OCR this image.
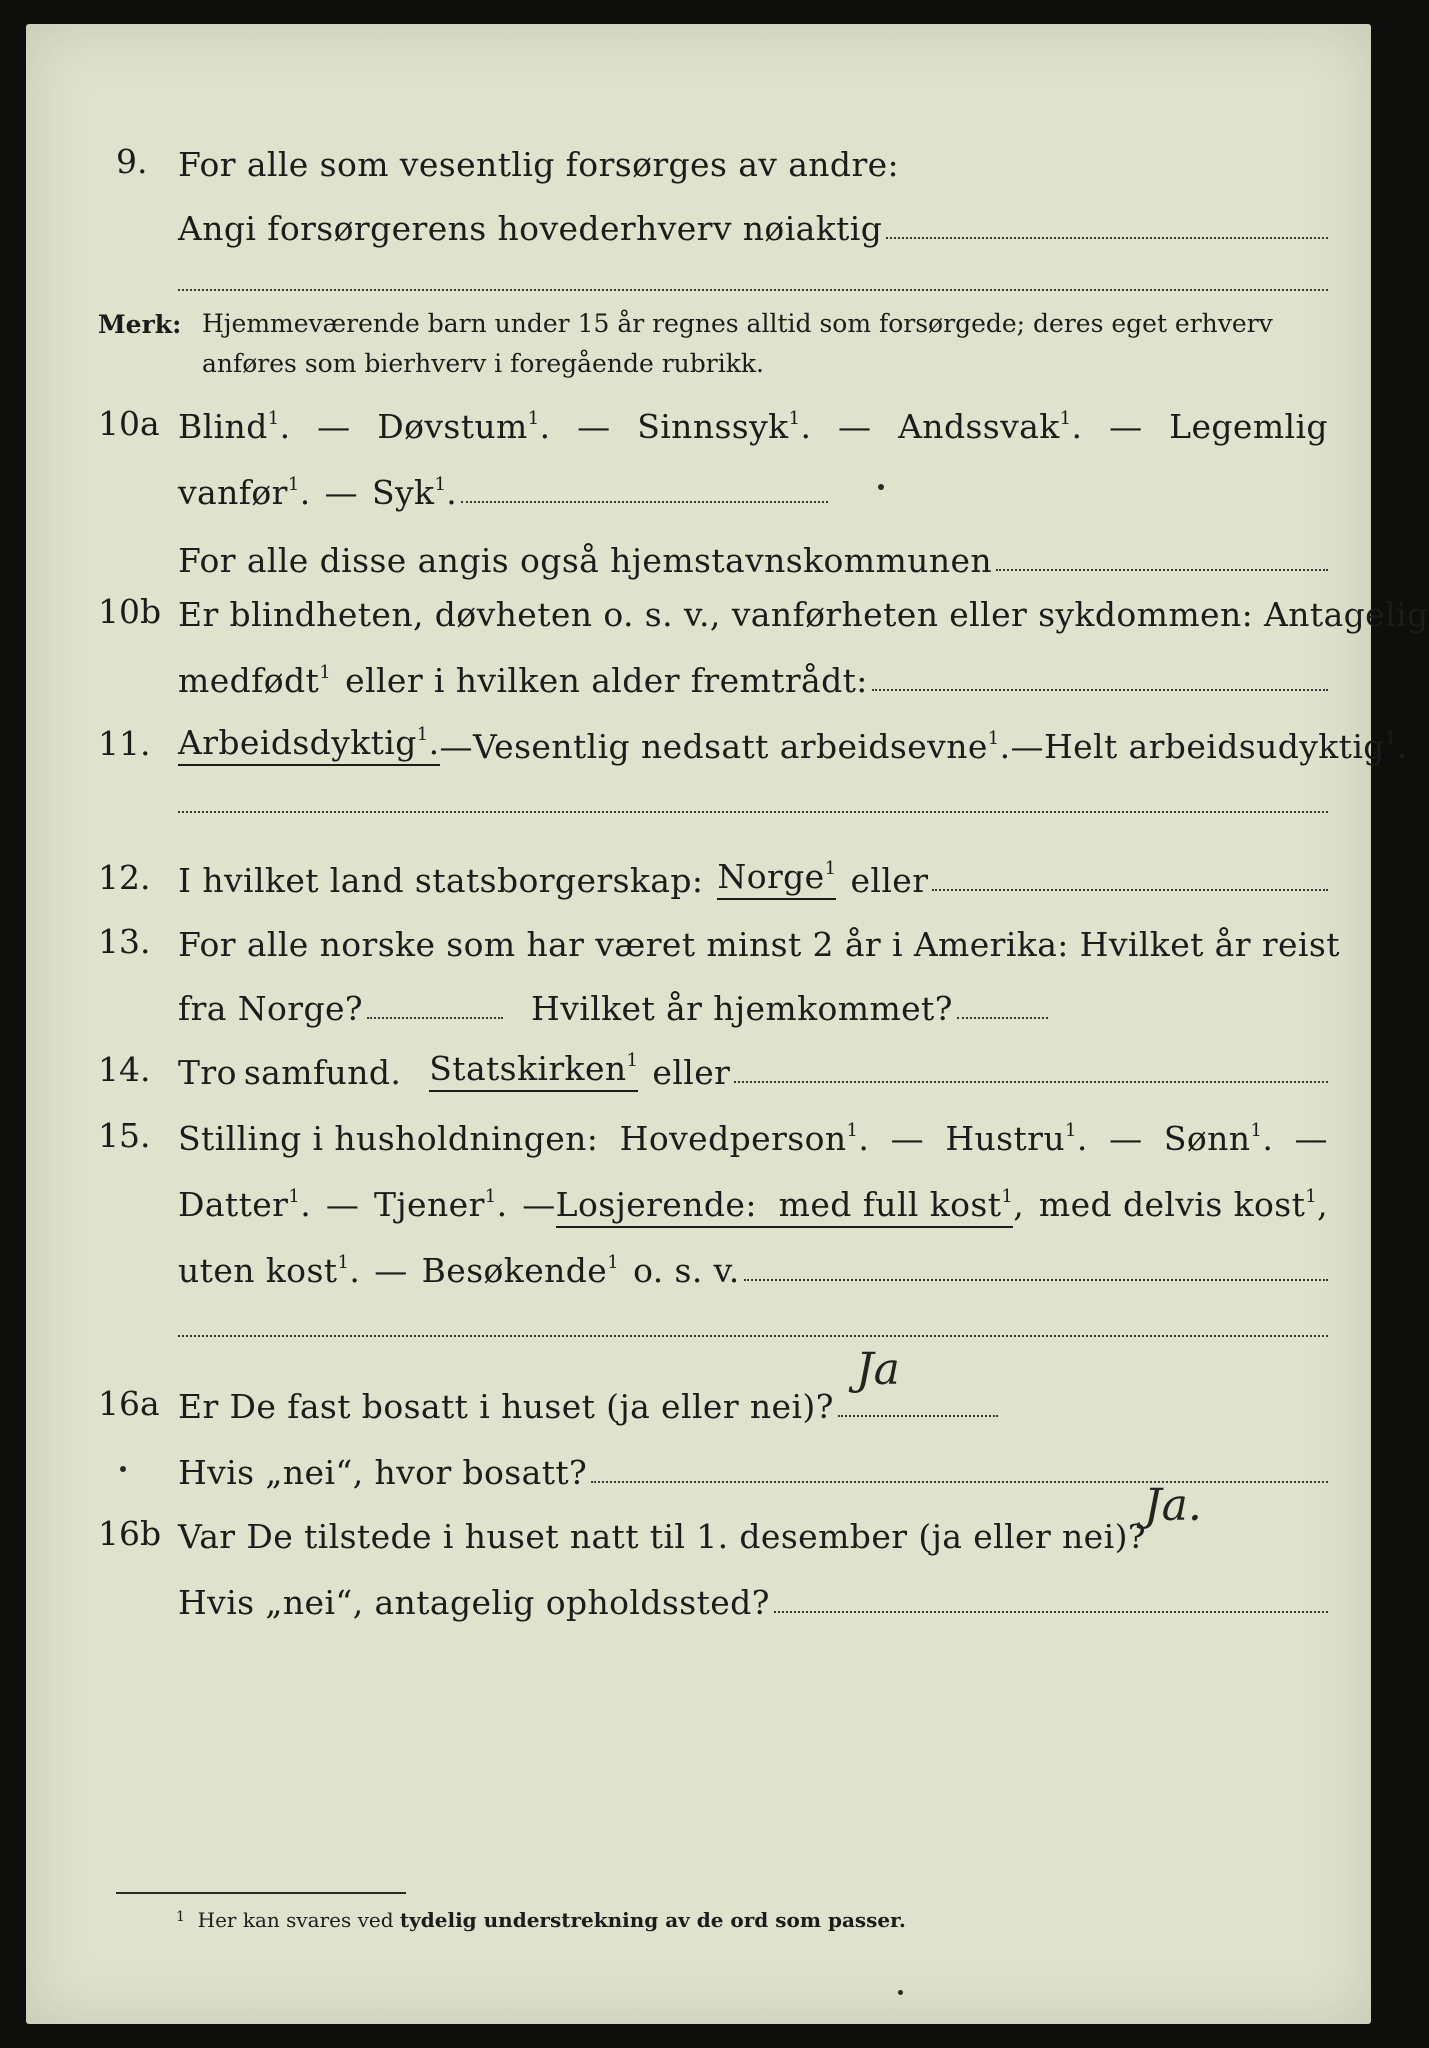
9. For alle som vesentlig forsørges av andre:
Angi forsørgerens hovederhverv nøiaktig
Merk: Hjemmeværende barn under 15 år regnes alltid som forsørgede; deres eget erhverv
anføres som bierhverv i foregående rubrikk.
10a Blind$^1$. — Døvstum$^1$. — Sinnssyk$^1$. — Andssvak$^1$. — Legemlig
vanfør$^1$. — Syk$^1$.
For alle disse angis også hjemstavnskommunen
10b Er blindheten, døvheten o. s. v., vanførheten eller sykdommen: Antagelig
medfødt$^1$ eller i hvilken alder fremtrådt:
11. Arbeidsdyktig$^1$. — Vesentlig nedsatt arbeidsevne$^1$. — Helt arbeidsudyktig$^1$.
12. I hvilket land statsborgerskap: Norge$^1$ eller
13. For alle norske som har været minst 2 år i Amerika: Hvilket år reist
fra Norge?	Hvilket år hjemkommet?
14. Tro samfund. Statskirken$^1$ eller
15. Stilling i husholdningen: Hovedperson$^1$. — Hustru$^1$. — Sønn$^1$. —
Datter$^1$. — Tjener$^1$. —Losjerende: med full kost$^1$, med delvis kost$^1$,
uten kost$^1$. — Besøkende$^1$ o. s. v.
16a Er De fast bosatt i huset (ja eller nei)?
Ja
Hvis „nei“, hvor bosatt?
16b Var De tilstede i huset natt til 1. desember (ja eller nei)?
Ja.
Hvis „nei“, antagelig opholdssted?
$^1$ Her kan svares ved tydelig understrekning av de ord som passer.
